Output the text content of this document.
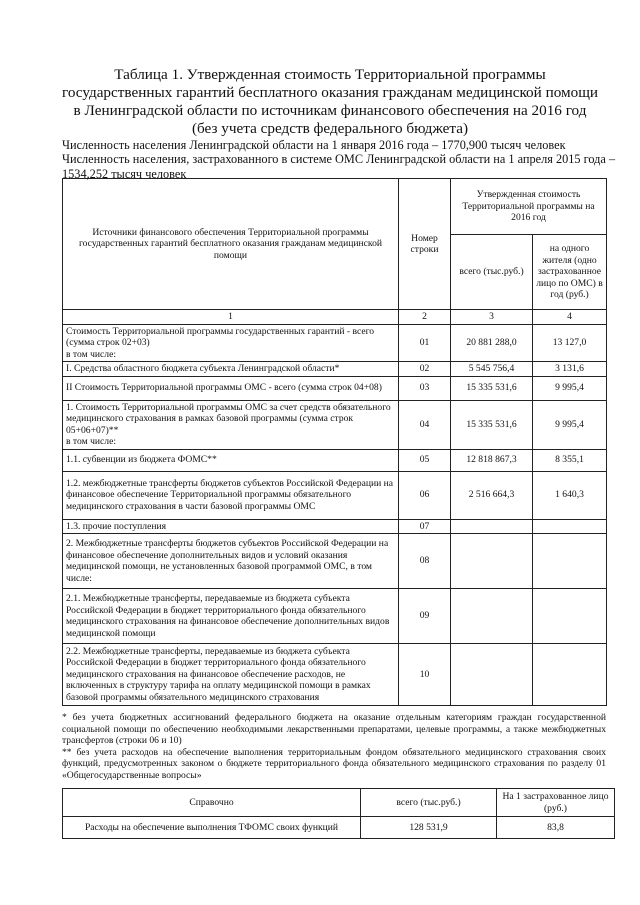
Таблица 1. Утвержденная стоимость Территориальной программы государственных гарантий бесплатного оказания гражданам медицинской помощи в Ленинградской области по источникам финансового обеспечения на 2016 год (без учета средств федерального бюджета)
Численность населения Ленинградской области на 1 января 2016 года – 1770,900 тысяч человек
Численность населения, застрахованного в системе ОМС Ленинградской области на 1 апреля 2015 года – 1534,252 тысяч человек
Источники финансового обеспечения Территориальной программы государственных гарантий бесплатного оказания гражданам медицинской помощи	Номер строки	Утвержденная стоимость Территориальной программы на 2016 год	
		всего (тыс.руб.)	на одного жителя (одно застрахованное лицо по ОМС) в год (руб.)
1	2	3	4
Стоимость Территориальной программы государственных гарантий - всего (сумма строк 02+03)
в том числе:	01	20 881 288,0	13 127,0
I. Средства областного бюджета субъекта Ленинградской области*	02	5 545 756,4	3 131,6
II Стоимость Территориальной программы ОМС - всего (сумма строк 04+08)	03	15 335 531,6	9 995,4
1. Стоимость Территориальной программы ОМС за счет средств обязательного медицинского страхования в рамках базовой программы (сумма строк 05+06+07)**
в том числе:	04	15 335 531,6	9 995,4
1.1. субвенции из бюджета ФОМС**	05	12 818 867,3	8 355,1
1.2. межбюджетные трансферты бюджетов субъектов Российской Федерации на финансовое обеспечение Территориальной программы обязательного медицинского страхования в части базовой программы ОМС	06	2 516 664,3	1 640,3
1.3. прочие поступления	07		
2. Межбюджетные трансферты бюджетов субъектов Российской Федерации на финансовое обеспечение дополнительных видов и условий оказания медицинской помощи, не установленных базовой программой ОМС, в том числе:	08		
2.1. Межбюджетные трансферты, передаваемые из бюджета субъекта Российской Федерации в бюджет территориального фонда обязательного медицинского страхования на финансовое обеспечение дополнительных видов медицинской помощи	09		
2.2. Межбюджетные трансферты, передаваемые из бюджета субъекта Российской Федерации в бюджет территориального фонда обязательного медицинского страхования на финансовое обеспечение расходов, не включенных в структуру тарифа на оплату медицинской помощи в рамках базовой программы обязательного медицинского страхования	10		
* без учета бюджетных ассигнований федерального бюджета на оказание отдельным категориям граждан государственной социальной помощи по обеспечению необходимыми лекарственными препаратами, целевые программы, а также межбюджетных трансфертов (строки 06 и 10)
** без учета расходов на обеспечение выполнения территориальным фондом обязательного медицинского страхования своих функций, предусмотренных законом о бюджете территориального фонда обязательного медицинского страхования по разделу 01 «Общегосударственные вопросы»
Справочно	всего (тыс.руб.)	На 1 застрахованное лицо (руб.)
Расходы на обеспечение выполнения ТФОМС своих функций	128 531,9	83,8
